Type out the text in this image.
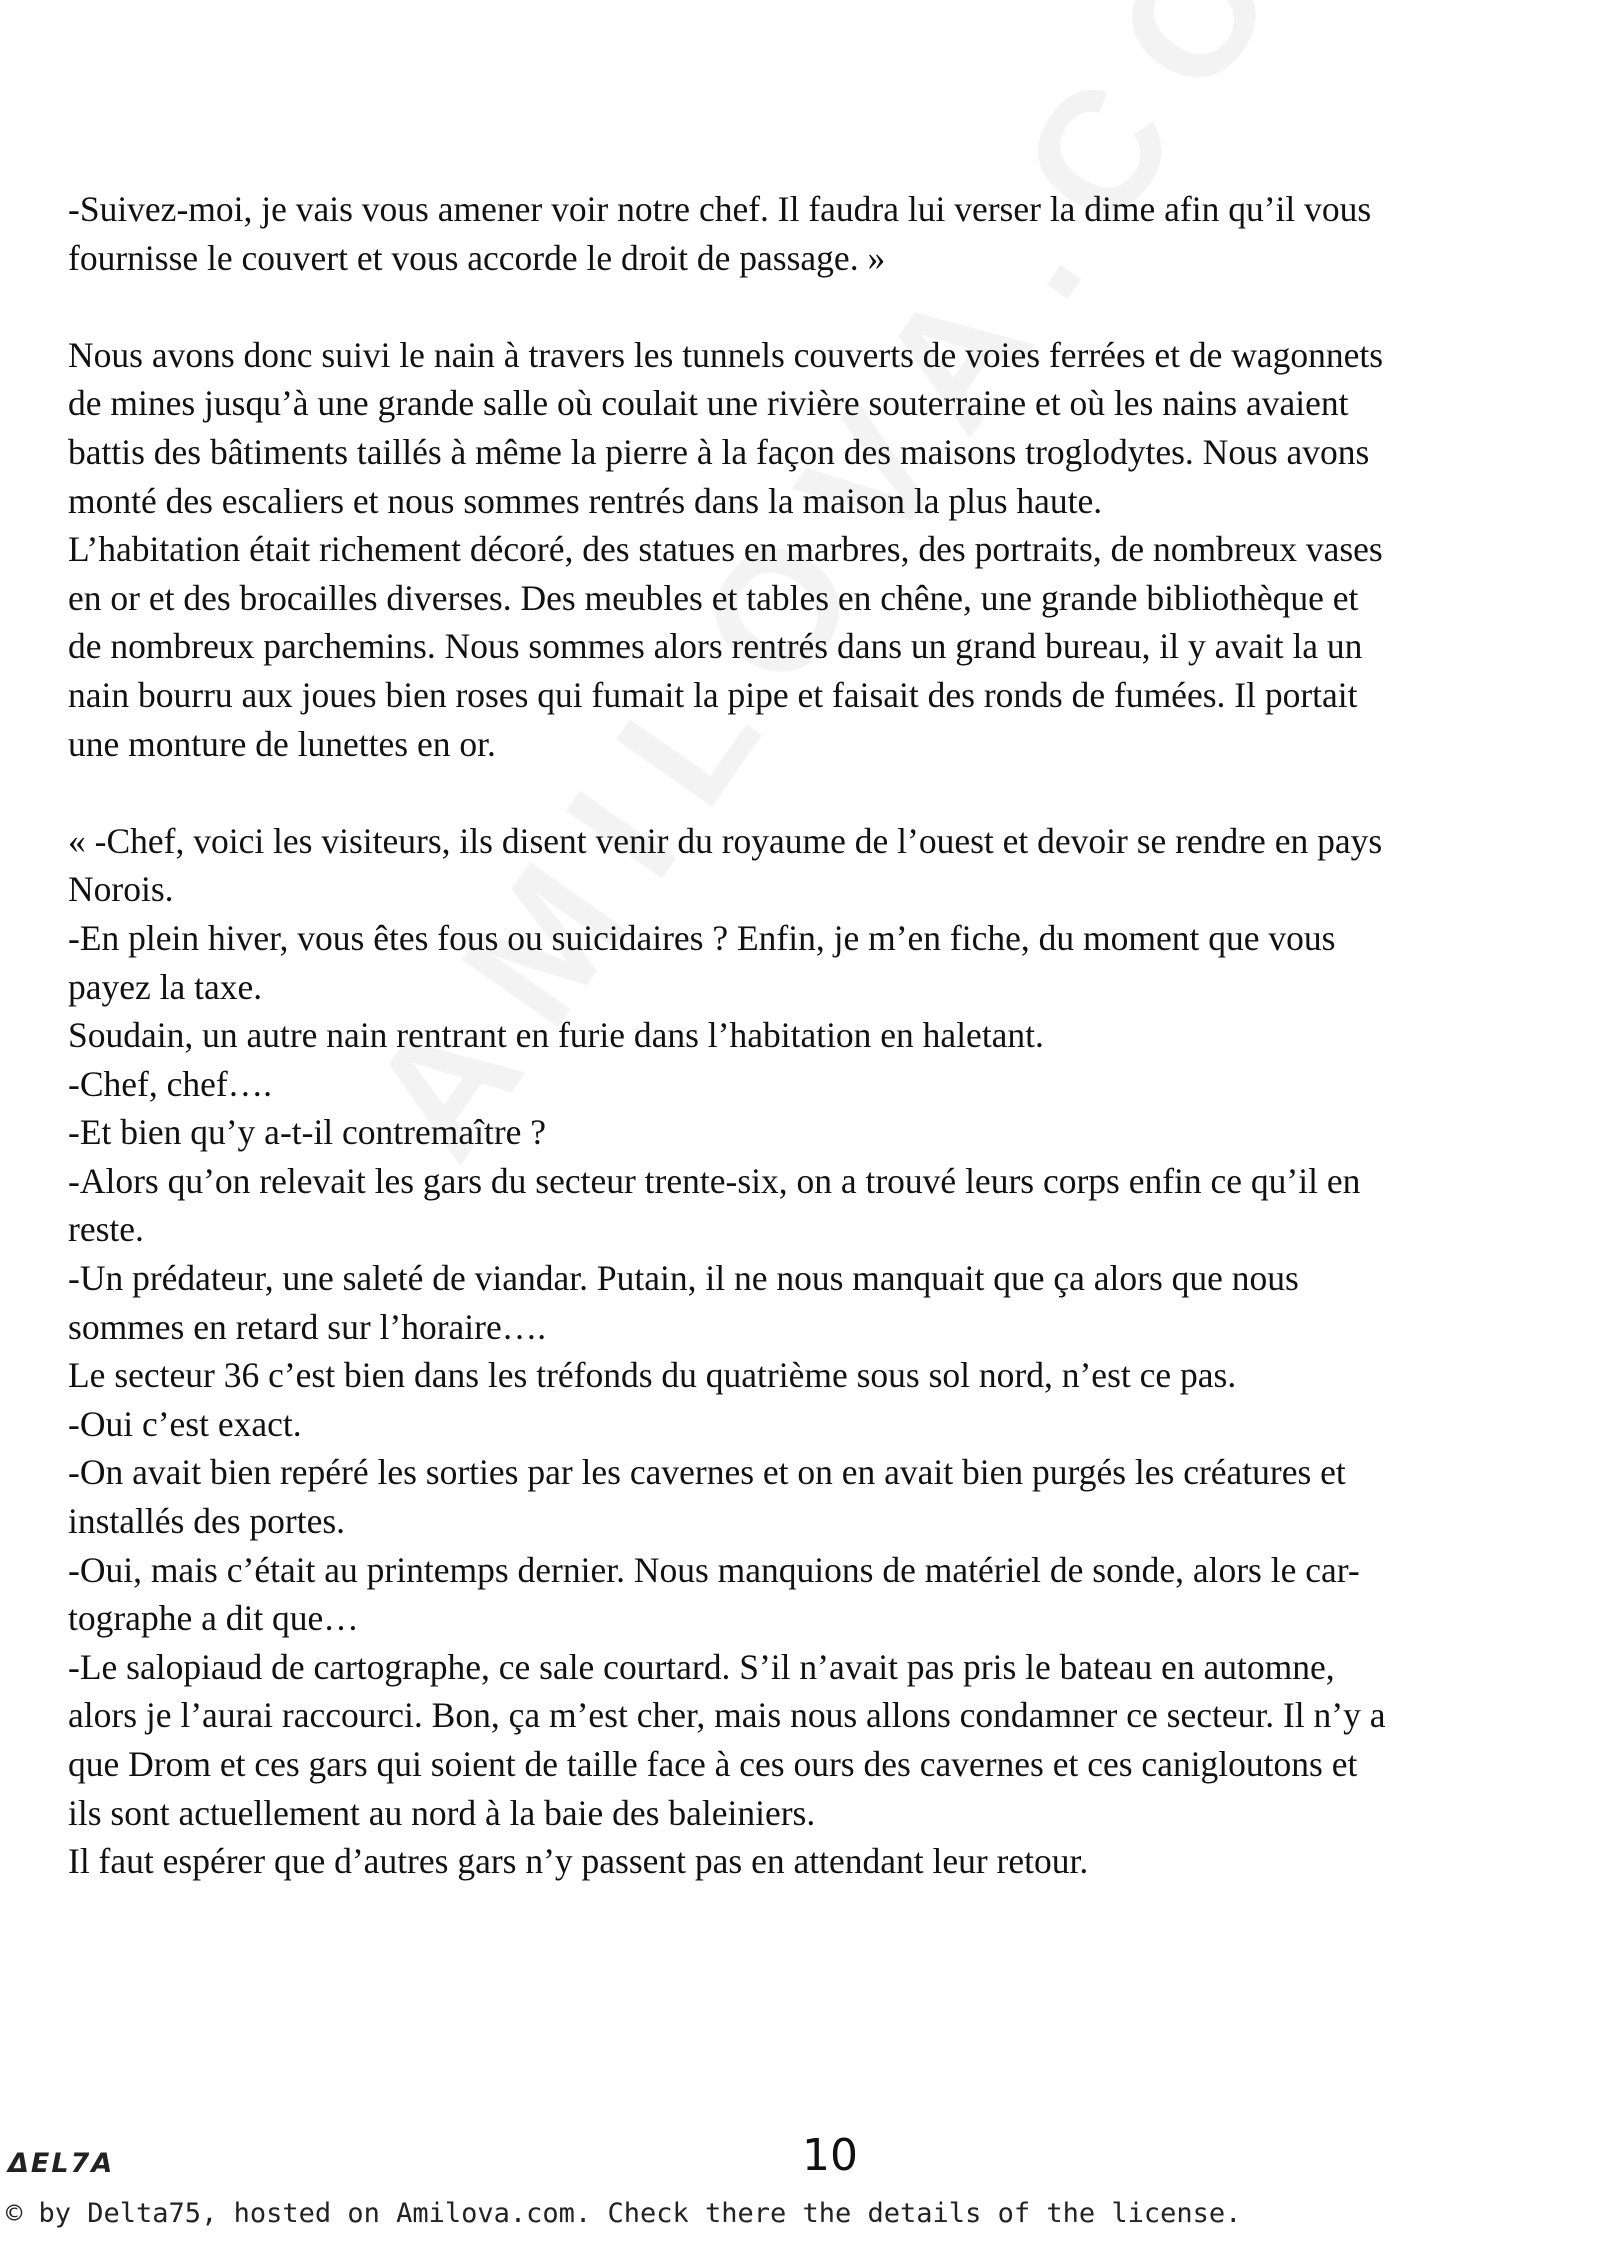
-Suivez-moi, je vais vous amener voir notre chef. Il faudra lui verser la dime afin qu’il vous
fournisse le couvert et vous accorde le droit de passage. »
Nous avons donc suivi le nain à travers les tunnels couverts de voies ferrées et de wagonnets
de mines jusqu’à une grande salle où coulait une rivière souterraine et où les nains avaient
battis des bâtiments taillés à même la pierre à la façon des maisons troglodytes. Nous avons
monté des escaliers et nous sommes rentrés dans la maison la plus haute.
L’habitation était richement décoré, des statues en marbres, des portraits, de nombreux vases
en or et des brocailles diverses. Des meubles et tables en chêne, une grande bibliothèque et
de nombreux parchemins. Nous sommes alors rentrés dans un grand bureau, il y avait la un
nain bourru aux joues bien roses qui fumait la pipe et faisait des ronds de fumées. Il portait
une monture de lunettes en or.
« -Chef, voici les visiteurs, ils disent venir du royaume de l’ouest et devoir se rendre en pays
Norois.
-En plein hiver, vous êtes fous ou suicidaires ? Enfin, je m’en fiche, du moment que vous
payez la taxe.
Soudain, un autre nain rentrant en furie dans l’habitation en haletant.
-Chef, chef….
-Et bien qu’y a-t-il contremaître ?
-Alors qu’on relevait les gars du secteur trente-six, on a trouvé leurs corps enfin ce qu’il en
reste.
-Un prédateur, une saleté de viandar. Putain, il ne nous manquait que ça alors que nous
sommes en retard sur l’horaire….
Le secteur 36 c’est bien dans les tréfonds du quatrième sous sol nord, n’est ce pas.
-Oui c’est exact.
-On avait bien repéré les sorties par les cavernes et on en avait bien purgés les créatures et
installés des portes.
-Oui, mais c’était au printemps dernier. Nous manquions de matériel de sonde, alors le car-
tographe a dit que…
-Le salopiaud de cartographe, ce sale courtard. S’il n’avait pas pris le bateau en automne,
alors je l’aurai raccourci. Bon, ça m’est cher, mais nous allons condamner ce secteur. Il n’y a
que Drom et ces gars qui soient de taille face à ces ours des cavernes et ces canigloutons et
ils sont actuellement au nord à la baie des baleiniers.
Il faut espérer que d’autres gars n’y passent pas en attendant leur retour.
ΔEL7A	10
© by Delta75, hosted on Amilova.com. Check there the details of the license.
